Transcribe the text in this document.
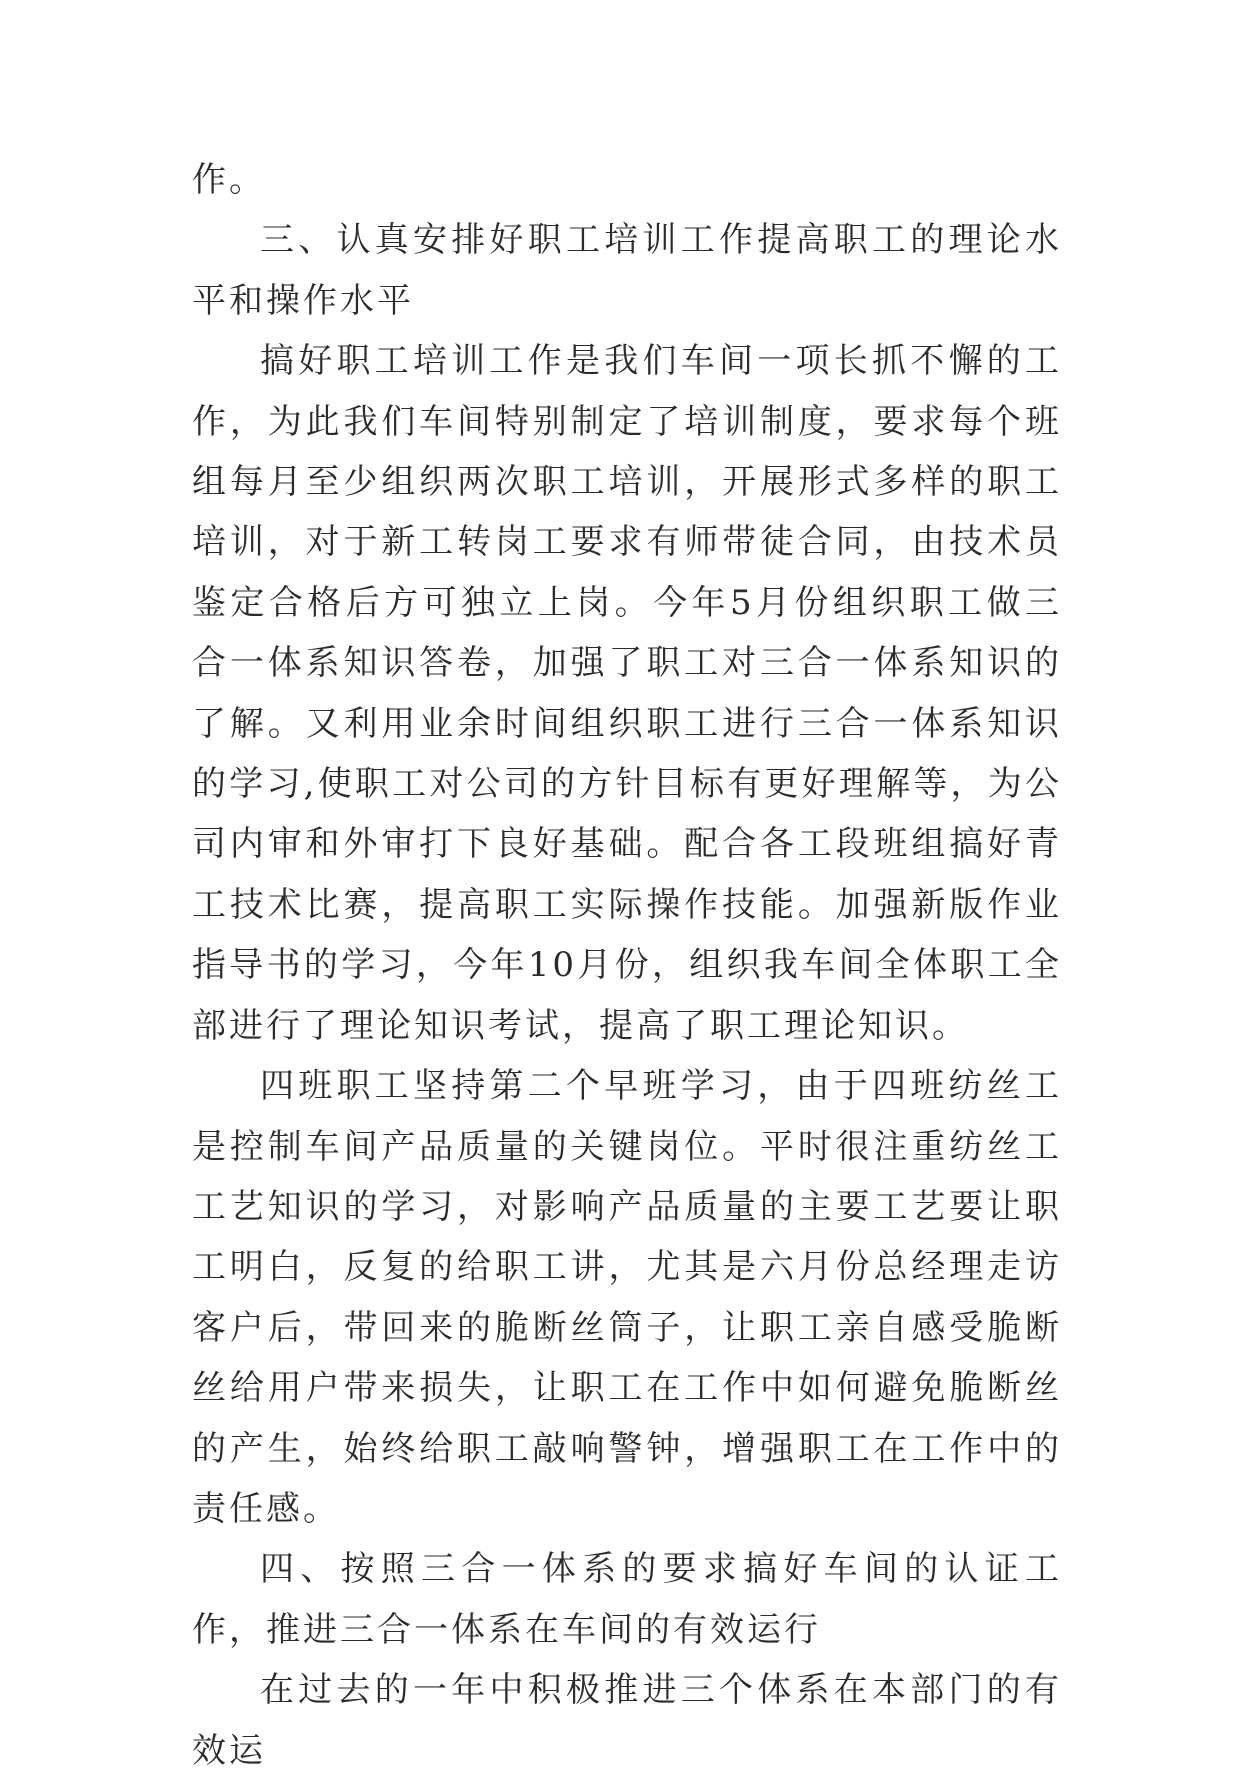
作。

三、认真安排好职工培训工作提高职工的理论水平和操作水平

搞好职工培训工作是我们车间一项长抓不懈的工作，为此我们车间特别制定了培训制度，要求每个班组每月至少组织两次职工培训，开展形式多样的职工培训，对于新工转岗工要求有师带徒合同，由技术员鉴定合格后方可独立上岗。今年5月份组织职工做三合一体系知识答卷，加强了职工对三合一体系知识的了解。又利用业余时间组织职工进行三合一体系知识的学习,使职工对公司的方针目标有更好理解等，为公司内审和外审打下良好基础。配合各工段班组搞好青工技术比赛，提高职工实际操作技能。加强新版作业指导书的学习，今年10月份，组织我车间全体职工全部进行了理论知识考试，提高了职工理论知识。

四班职工坚持第二个早班学习，由于四班纺丝工是控制车间产品质量的关键岗位。平时很注重纺丝工工艺知识的学习，对影响产品质量的主要工艺要让职工明白，反复的给职工讲，尤其是六月份总经理走访客户后，带回来的脆断丝筒子，让职工亲自感受脆断丝给用户带来损失，让职工在工作中如何避免脆断丝的产生，始终给职工敲响警钟，增强职工在工作中的责任感。

四、按照三合一体系的要求搞好车间的认证工作，推进三合一体系在车间的有效运行

在过去的一年中积极推进三个体系在本部门的有效运
